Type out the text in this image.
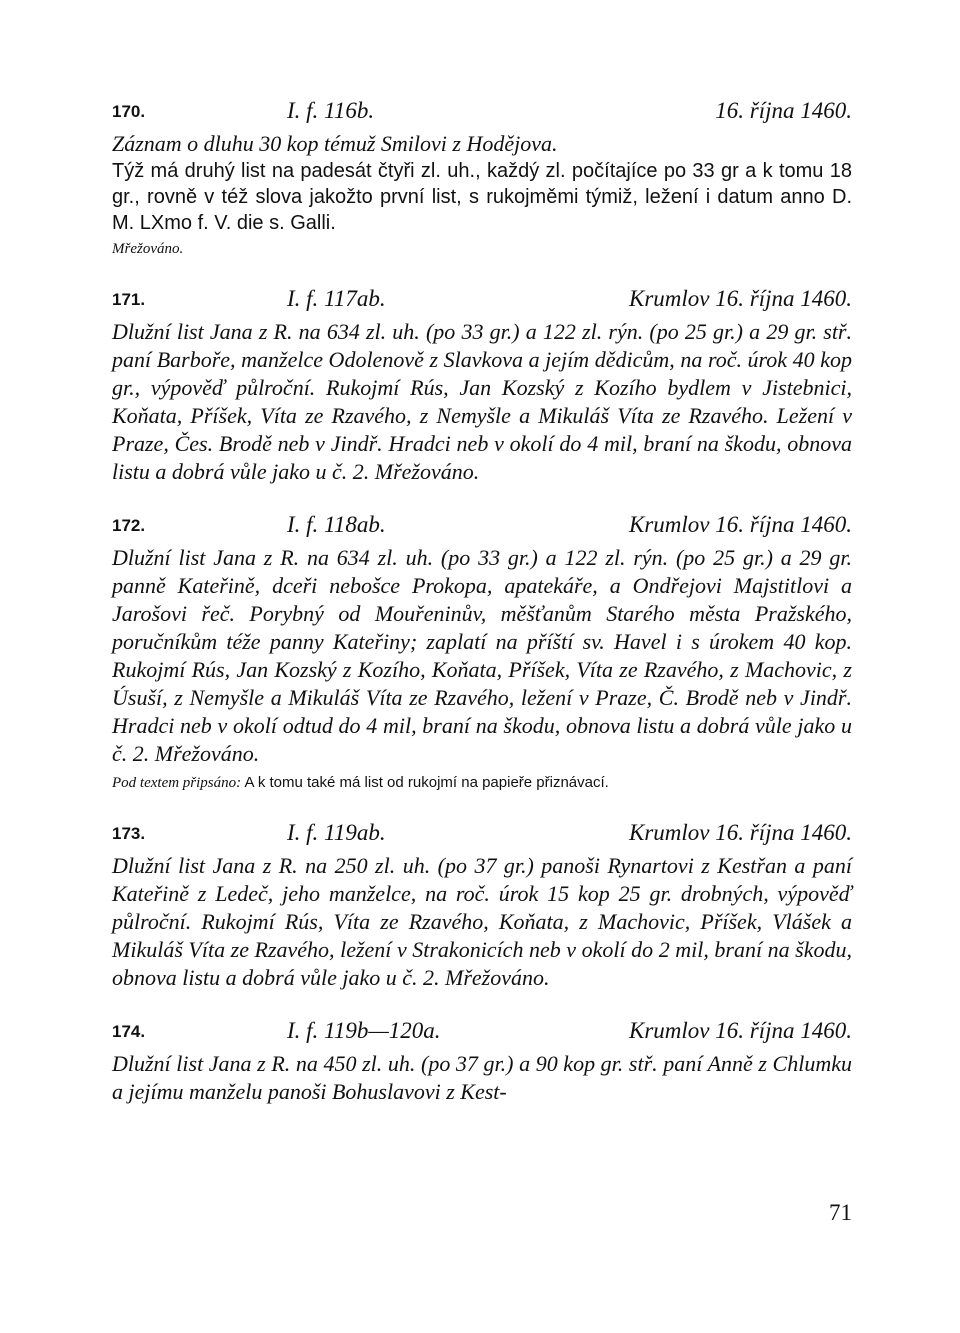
170.	I. f. 116b.	16. října 1460.

Záznam o dluhu 30 kop témuž Smilovi z Hodějova.

Týž má druhý list na padesát čtyři zl. uh., každý zl. počítajíce po 33 gr a k tomu 18 gr., rovně v též slova jakožto první list, s rukojměmi týmiž, ležení i datum anno D. M. LXmo f. V. die s. Galli.

Mřežováno.

171.	I. f. 117ab.	Krumlov 16. října 1460.

Dlužní list Jana z R. na 634 zl. uh. (po 33 gr.) a 122 zl. rýn. (po 25 gr.) a 29 gr. stř. paní Barboře, manželce Odolenově z Slavkova a jejím dědicům, na roč. úrok 40 kop gr., výpověď půlroční. Rukojmí Rús, Jan Kozský z Kozího bydlem v Jistebnici, Koňata, Příšek, Víta ze Rzavého, z Nemyšle a Mikuláš Víta ze Rzavého. Ležení v Praze, Čes. Brodě neb v Jindř. Hradci neb v okolí do 4 mil, braní na škodu, obnova listu a dobrá vůle jako u č. 2. Mřežováno.

172.	I. f. 118ab.	Krumlov 16. října 1460.

Dlužní list Jana z R. na 634 zl. uh. (po 33 gr.) a 122 zl. rýn. (po 25 gr.) a 29 gr. panně Kateřině, dceři nebošce Prokopa, apatekáře, a Ondřejovi Majstitlovi a Jarošovi řeč. Porybný od Mouřeninův, měšťanům Starého města Pražského, poručníkům téže panny Kateřiny; zaplatí na příští sv. Havel i s úrokem 40 kop. Rukojmí Rús, Jan Kozský z Kozího, Koňata, Příšek, Víta ze Rzavého, z Machovic, z Úsuší, z Nemyšle a Mikuláš Víta ze Rzavého, ležení v Praze, Č. Brodě neb v Jindř. Hradci neb v okolí odtud do 4 mil, braní na škodu, obnova listu a dobrá vůle jako u č. 2. Mřežováno.

Pod textem připsáno: A k tomu také má list od rukojmí na papieře přiznávací.

173.	I. f. 119ab.	Krumlov 16. října 1460.

Dlužní list Jana z R. na 250 zl. uh. (po 37 gr.) panoši Rynartovi z Kestřan a paní Kateřině z Ledeč, jeho manželce, na roč. úrok 15 kop 25 gr. drobných, výpověď půlroční. Rukojmí Rús, Víta ze Rzavého, Koňata, z Machovic, Příšek, Vlášek a Mikuláš Víta ze Rzavého, ležení v Strakonicích neb v okolí do 2 mil, braní na škodu, obnova listu a dobrá vůle jako u č. 2. Mřežováno.

174.	I. f. 119b—120a.	Krumlov 16. října 1460.

Dlužní list Jana z R. na 450 zl. uh. (po 37 gr.) a 90 kop gr. stř. paní Anně z Chlumku a jejímu manželu panoši Bohuslavovi z Kest-

71
